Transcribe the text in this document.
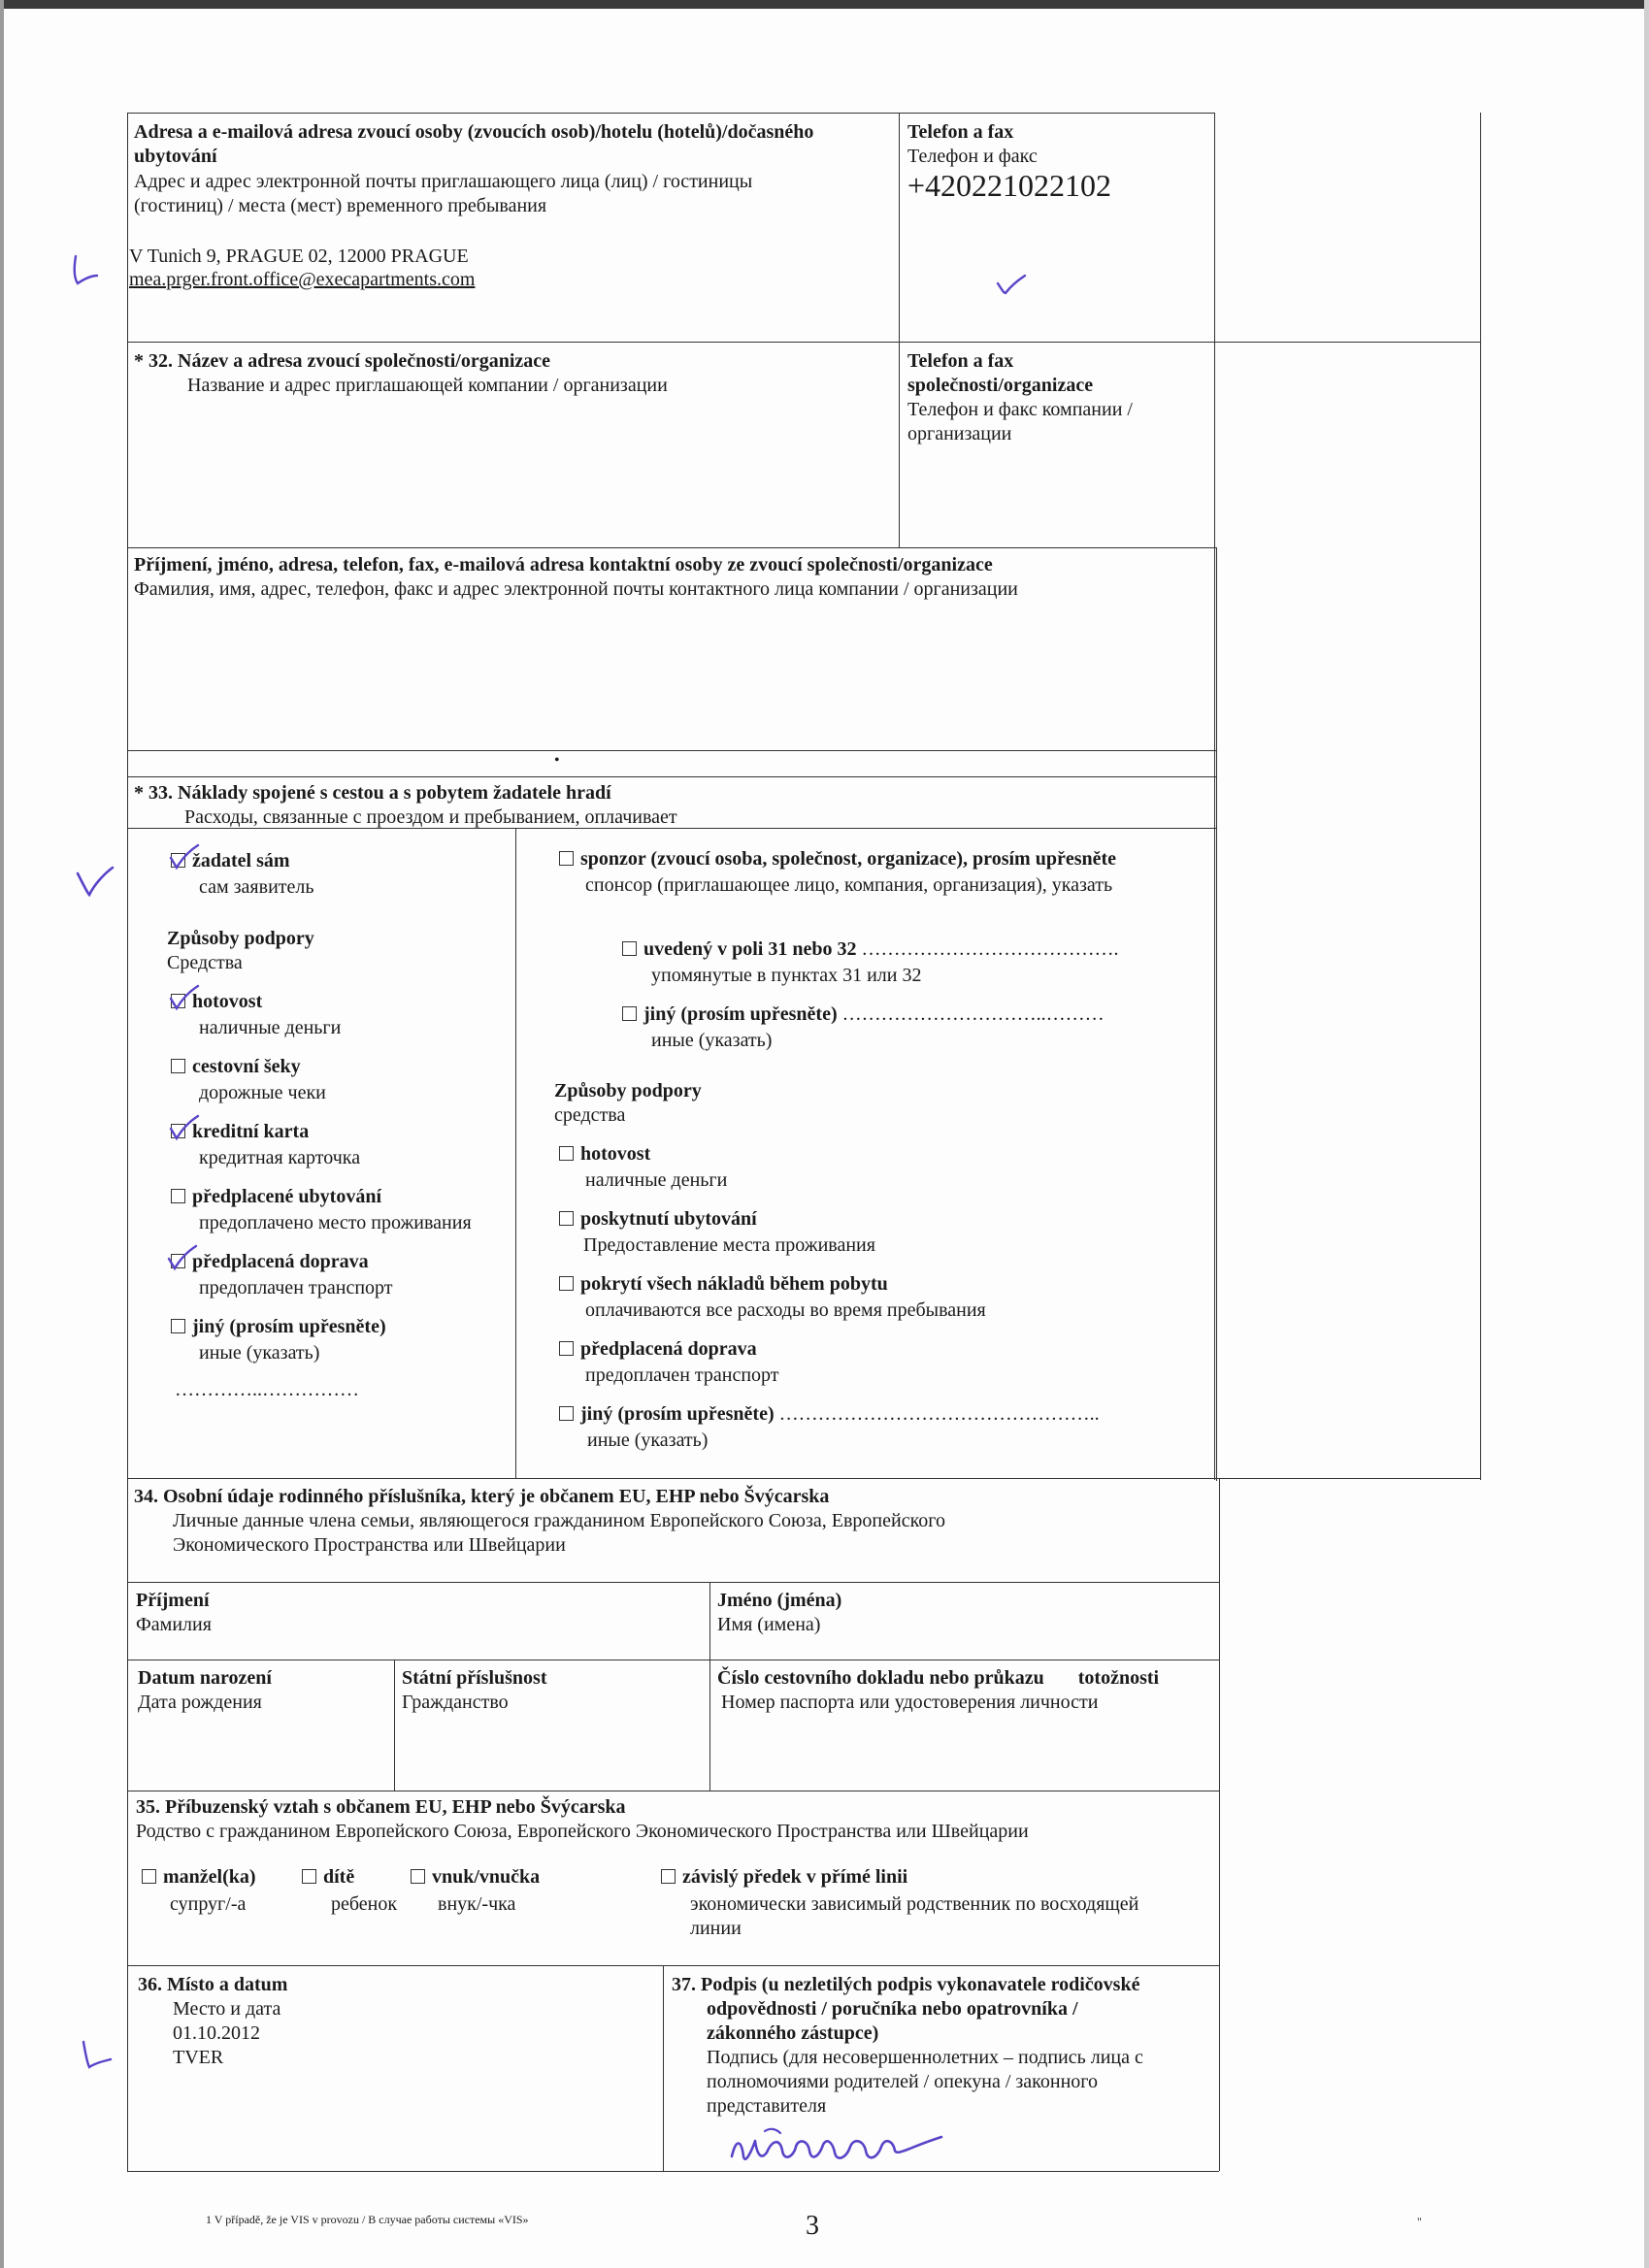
Adresa a e-mailová adresa zvoucí osoby (zvoucích osob)/hotelu (hotelů)/dočasného
ubytování
Адрес и адрес электронной почты приглашающего лица (лиц) / гостиницы
(гостиниц) / места (мест) временного пребывания
V Tunich 9, PRAGUE 02, 12000 PRAGUE
mea.prger.front.office@execapartments.com
Telefon a fax
Телефон и факс
+420221022102
* 32. Název a adresa zvoucí společnosti/organizace
Название и адрес приглашающей компании / организации
Telefon a fax
společnosti/organizace
Телефон и факс компании /
организации
Příjmení, jméno, adresa, telefon, fax, e-mailová adresa kontaktní osoby ze zvoucí společnosti/organizace
Фамилия, имя, адрес, телефон, факс и адрес электронной почты контактного лица компании / организации
•
* 33. Náklady spojené s cestou a s pobytem žadatele hradí
Расходы, связанные с проездом и пребыванием, оплачивает
žadatel sám
сам заявитель
Způsoby podpory
Средства
hotovost
наличные деньги
cestovní šeky
дорожные чеки
kreditní karta
кредитная карточка
předplacené ubytování
предоплачено место проживания
předplacená doprava
предоплачен транспорт
jiný (prosím upřesněte)
иные (указать)
…………..……………
sponzor (zvoucí osoba, společnost, organizace), prosím upřesněte
спонсор (приглашающее лицо, компания, организация), указать
uvedený v poli 31 nebo 32 ………………………………….
упомянутые в пунктах 31 или 32
jiný (prosím upřesněte) …………………………..………
иные (указать)
Způsoby podpory
средства
hotovost
наличные деньги
poskytnutí ubytování
Предоставление места проживания
pokrytí všech nákladů během pobytu
оплачиваются все расходы во время пребывания
předplacená doprava
предоплачен транспорт
jiný (prosím upřesněte) …………………………………………..
иные (указать)
34. Osobní údaje rodinného příslušníka, který je občanem EU, EHP nebo Švýcarska
Личные данные члена семьи, являющегося гражданином Европейского Союза, Европейского
Экономического Пространства или Швейцарии
Příjmení
Фамилия
Jméno (jména)
Имя (имена)
Datum narození
Дата рождения
Státní příslušnost
Гражданство
Číslo cestovního dokladu nebo průkazu       totožnosti
Номер паспорта или удостоверения личности
35. Příbuzenský vztah s občanem EU, EHP nebo Švýcarska
Родство с гражданином Европейского Союза, Европейского Экономического Пространства или Швейцарии
manžel(ka)
супруг/-а
dítě
ребенок
vnuk/vnučka
внук/-чка
závislý předek v přímé linii
экономически зависимый родственник по восходящей
линии
36. Místo a datum
Место и дата
01.10.2012
TVER
37. Podpis (u nezletilých podpis vykonavatele rodičovské
odpovědnosti / poručníka nebo opatrovníka /
zákonného zástupce)
Подпись (для несовершеннолетних – подпись лица с
полномочиями родителей / опекуна / законного
представителя
1 V případě, že je VIS v provozu / В случае работы системы «VIS»	3	"
